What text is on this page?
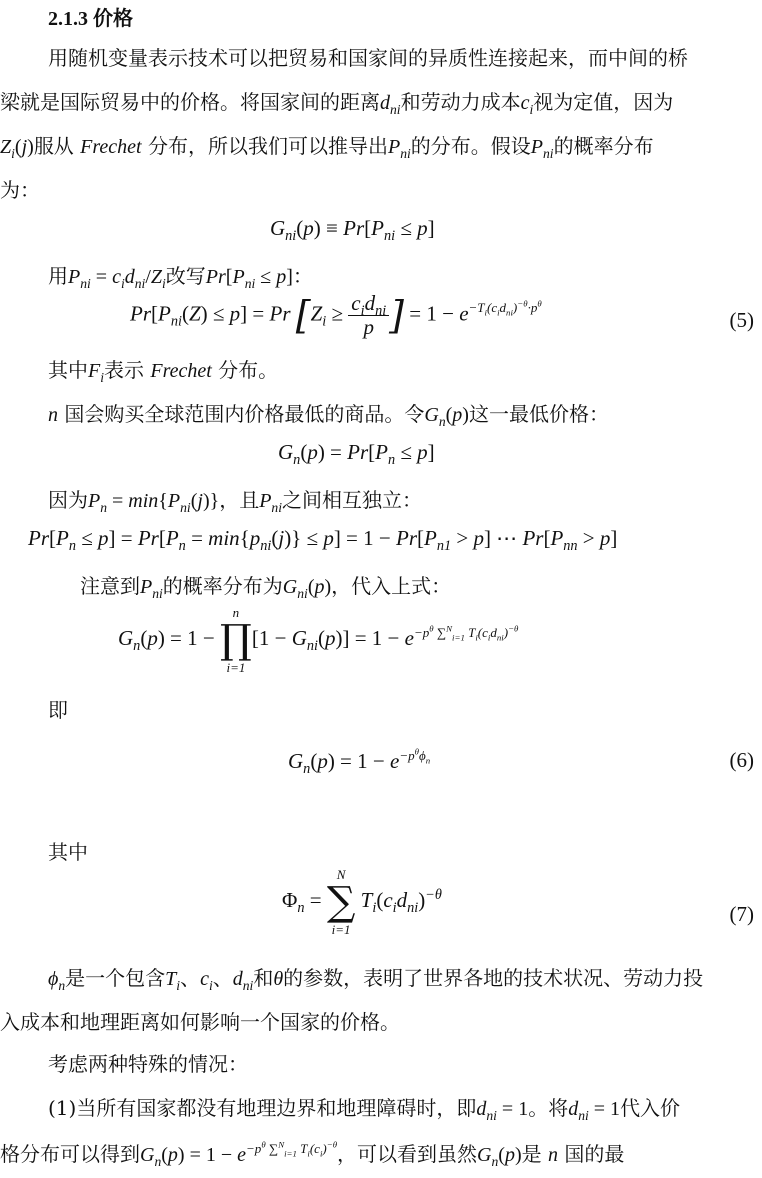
2.1.3 价格
用随机变量表示技术可以把贸易和国家间的异质性连接起来，而中间的桥
梁就是国际贸易中的价格。将国家间的距离$d_{ni}$和劳动力成本$c_i$视为定值，因为
$Z_i(j)$服从 Frechet 分布，所以我们可以推导出$P_{ni}$的分布。假设$P_{ni}$的概率分布
为：
$G_{ni}(p) \equiv Pr[P_{ni} \le p]$
用$P_{ni} = c_id_{ni}/Z_i$改写$Pr[P_{ni} \le p]$：
$Pr[P_{ni}(Z) \le p] = Pr$ [$Z_i \ge \frac{c_id_{ni}}{p}$ ] = $1 - e^{-T_i(c_id_{ni})^{-\theta}\cdot p^\theta}$
(5)
其中$F_i$表示 Frechet 分布。
n 国会购买全球范围内价格最低的商品。令$G_n(p)$这一最低价格：
$G_n(p) = Pr[P_n \le p]$
因为$P_n = \min\{P_{ni}(j)\}$，且$P_{ni}$之间相互独立：
$Pr[P_n \le p] = Pr[P_n = \min\{p_{ni}(j)\} \le p] = 1 - Pr[P_{n1} > p]$ ⋯ $Pr[P_{nn} > p]$
注意到$P_{ni}$的概率分布为$G_{ni}(p)$，代入上式：
$G_n(p) = 1$ −
n
∏
i=1
$[1 - G_{ni}(p)] = 1 - e^{-p^\theta \sum^N_{i=1} T_i(c_id_{ni})^{-\theta}}$
即
$G_n(p) = 1 - e^{-p^\theta\phi_n}$	(6)
其中
$\Phi_n$ =
N
∑
i=1
$T_i(c_id_{ni})^{-\theta}$
(7)
$\phi_n$是一个包含$T_i$、$c_i$、$d_{ni}$和θ的参数，表明了世界各地的技术状况、劳动力投
入成本和地理距离如何影响一个国家的价格。
考虑两种特殊的情况：
(1)当所有国家都没有地理边界和地理障碍时，即$d_{ni} = 1$。将$d_{ni} = 1$代入价
格分布可以得到$G_n(p) = 1 - e^{-p^\theta \sum^N_{i=1} T_i(c_i)^{-\theta}}$，可以看到虽然$G_n(p)$是 n 国的最
